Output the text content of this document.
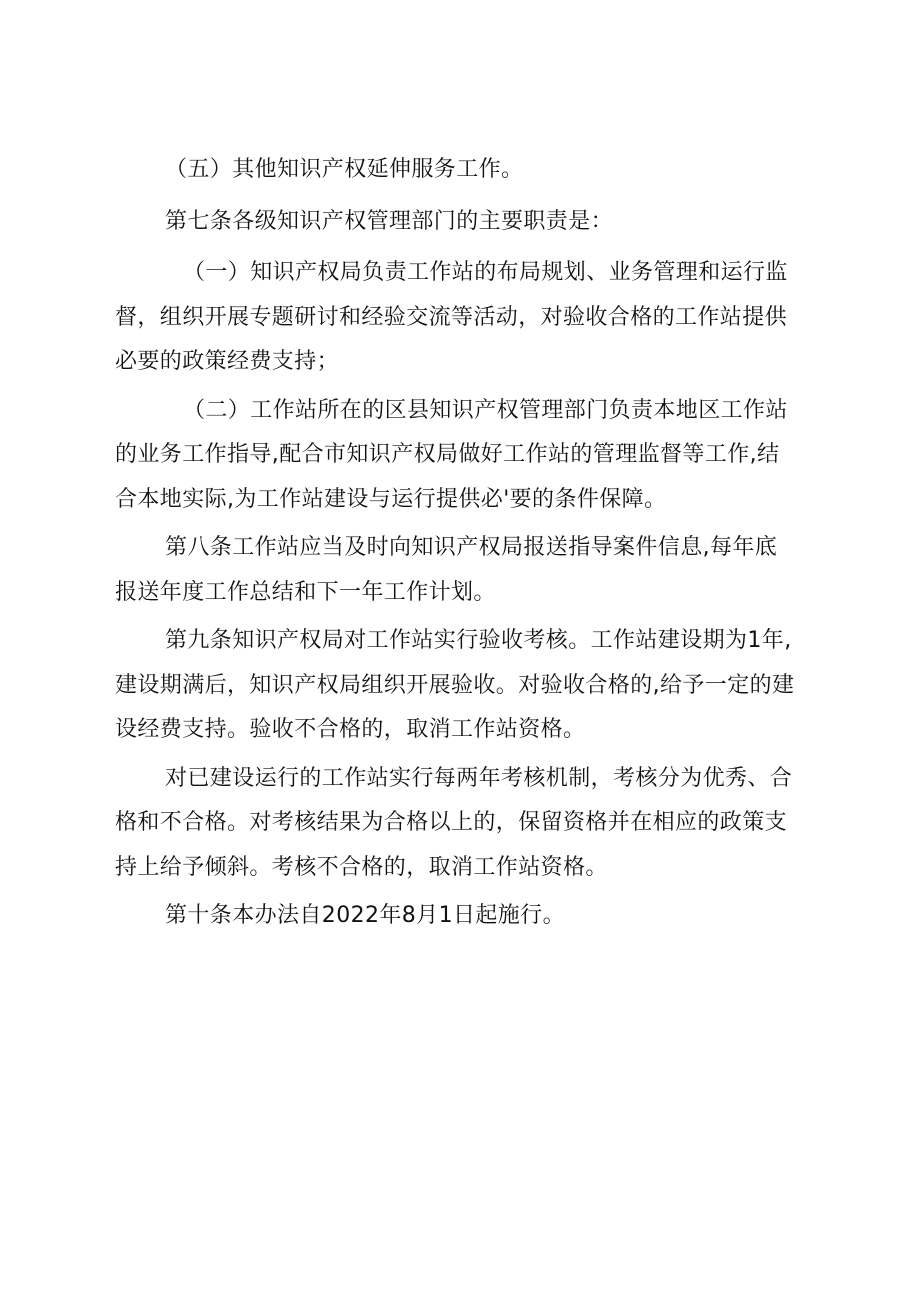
（五）其他知识产权延伸服务工作。
第七条各级知识产权管理部门的主要职责是：
（一）知识产权局负责工作站的布局规划、业务管理和运行监
督，组织开展专题研讨和经验交流等活动，对验收合格的工作站提供
必要的政策经费支持；
（二）工作站所在的区县知识产权管理部门负责本地区工作站
的业务工作指导,配合市知识产权局做好工作站的管理监督等工作,结
合本地实际,为工作站建设与运行提供必'要的条件保障。
第八条工作站应当及时向知识产权局报送指导案件信息,每年底
报送年度工作总结和下一年工作计划。
第九条知识产权局对工作站实行验收考核。工作站建设期为1年,
建设期满后，知识产权局组织开展验收。对验收合格的,给予一定的建
设经费支持。验收不合格的，取消工作站资格。
对已建设运行的工作站实行每两年考核机制，考核分为优秀、合
格和不合格。对考核结果为合格以上的，保留资格并在相应的政策支
持上给予倾斜。考核不合格的，取消工作站资格。
第十条本办法自2022年8月1日起施行。
